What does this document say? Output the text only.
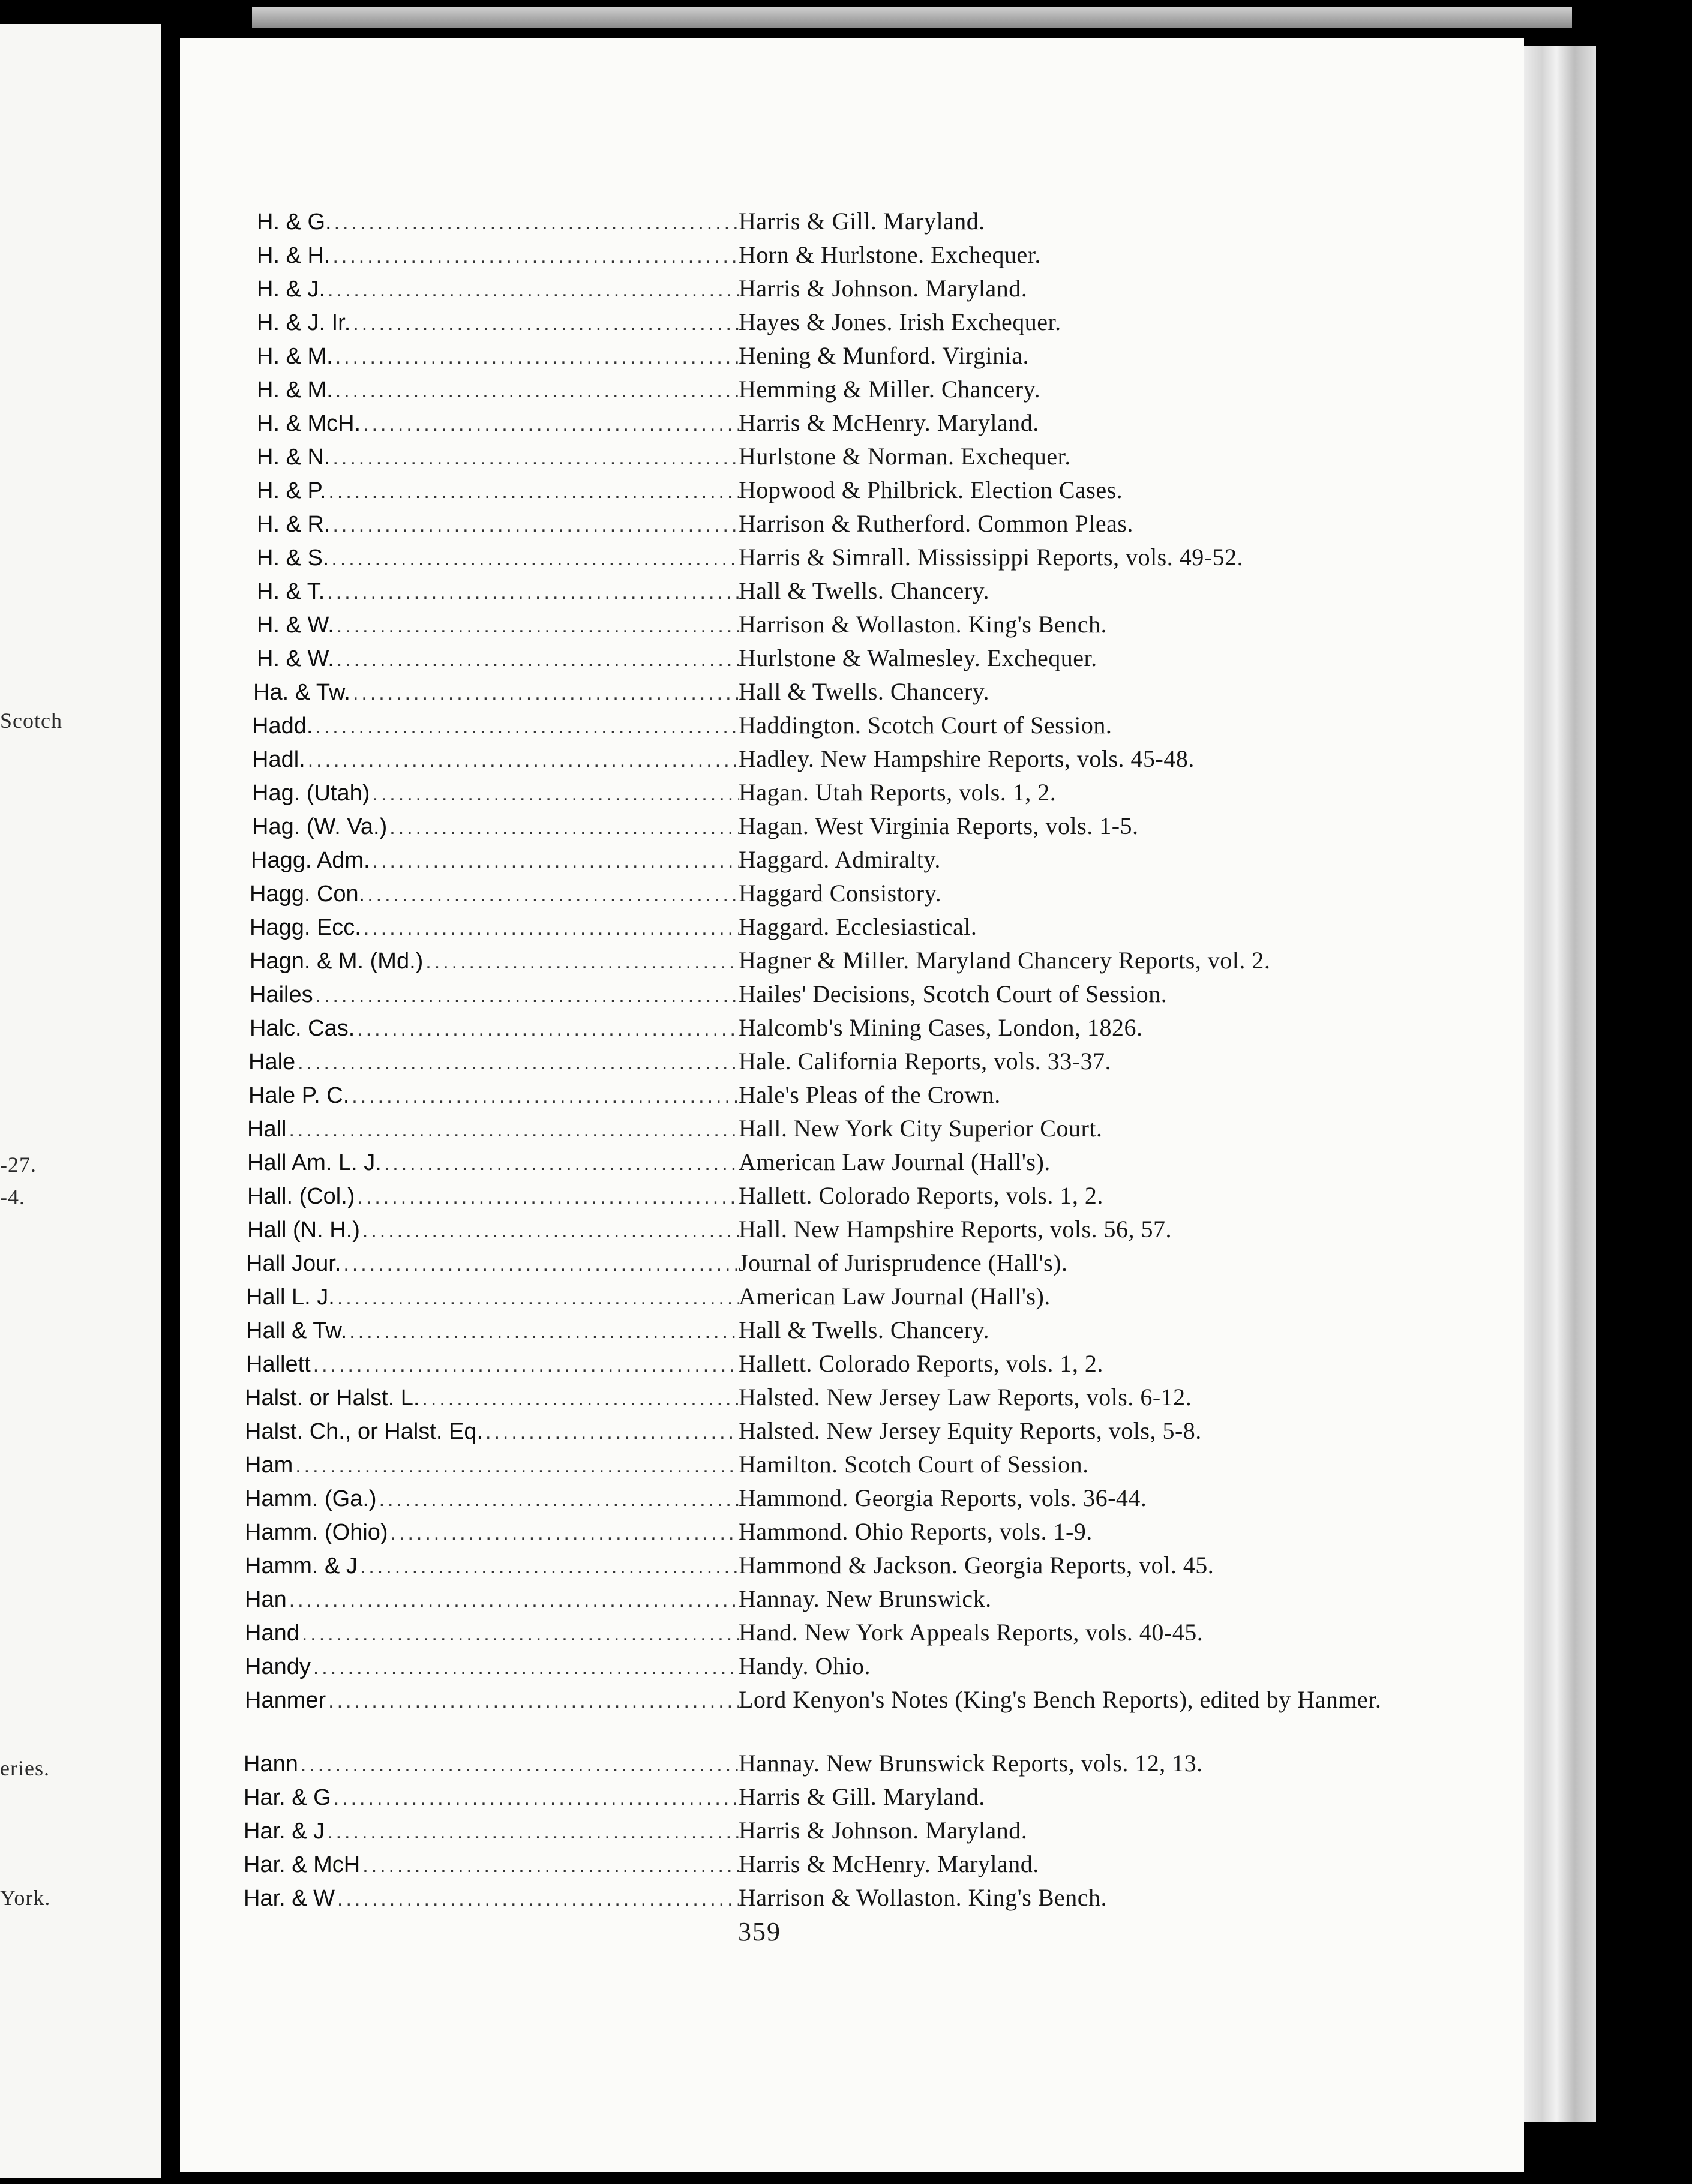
Scotch
-27.
-4.
eries.
York.
H. & G. .....	Harris & Gill. Maryland.
H. & H. .....	Horn & Hurlstone. Exchequer.
H. & J. .....	Harris & Johnson. Maryland.
H. & J. Ir. .....	Hayes & Jones. Irish Exchequer.
H. & M. .....	Hening & Munford. Virginia.
H. & M. .....	Hemming & Miller. Chancery.
H. & McH. .....	Harris & McHenry. Maryland.
H. & N. .....	Hurlstone & Norman. Exchequer.
H. & P. .....	Hopwood & Philbrick. Election Cases.
H. & R. .....	Harrison & Rutherford. Common Pleas.
H. & S. .....	Harris & Simrall. Mississippi Reports, vols. 49-52.
H. & T. .....	Hall & Twells. Chancery.
H. & W. .....	Harrison & Wollaston. King's Bench.
H. & W. .....	Hurlstone & Walmesley. Exchequer.
Ha. & Tw. .....	Hall & Twells. Chancery.
Hadd. .....	Haddington. Scotch Court of Session.
Hadl. .....	Hadley. New Hampshire Reports, vols. 45-48.
Hag. (Utah) .....	Hagan. Utah Reports, vols. 1, 2.
Hag. (W. Va.) .....	Hagan. West Virginia Reports, vols. 1-5.
Hagg. Adm. .....	Haggard. Admiralty.
Hagg. Con. .....	Haggard Consistory.
Hagg. Ecc. .....	Haggard. Ecclesiastical.
Hagn. & M. (Md.) .....	Hagner & Miller. Maryland Chancery Reports, vol. 2.
Hailes .....	Hailes' Decisions, Scotch Court of Session.
Halc. Cas. .....	Halcomb's Mining Cases, London, 1826.
Hale .....	Hale. California Reports, vols. 33-37.
Hale P. C. .....	Hale's Pleas of the Crown.
Hall .....	Hall. New York City Superior Court.
Hall Am. L. J. .....	American Law Journal (Hall's).
Hall. (Col.) .....	Hallett. Colorado Reports, vols. 1, 2.
Hall (N. H.) .....	Hall. New Hampshire Reports, vols. 56, 57.
Hall Jour. .....	Journal of Jurisprudence (Hall's).
Hall L. J. .....	American Law Journal (Hall's).
Hall & Tw. .....	Hall & Twells. Chancery.
Hallett .....	Hallett. Colorado Reports, vols. 1, 2.
Halst. or Halst. L. .....	Halsted. New Jersey Law Reports, vols. 6-12.
Halst. Ch., or Halst. Eq. .....	Halsted. New Jersey Equity Reports, vols, 5-8.
Ham .....	Hamilton. Scotch Court of Session.
Hamm. (Ga.) .....	Hammond. Georgia Reports, vols. 36-44.
Hamm. (Ohio) .....	Hammond. Ohio Reports, vols. 1-9.
Hamm. & J .....	Hammond & Jackson. Georgia Reports, vol. 45.
Han .....	Hannay. New Brunswick.
Hand .....	Hand. New York Appeals Reports, vols. 40-45.
Handy .....	Handy. Ohio.
Hanmer .....	Lord Kenyon's Notes (King's Bench Reports), edited by Hanmer.
Hann .....	Hannay. New Brunswick Reports, vols. 12, 13.
Har. & G .....	Harris & Gill. Maryland.
Har. & J .....	Harris & Johnson. Maryland.
Har. & McH .....	Harris & McHenry. Maryland.
Har. & W .....	Harrison & Wollaston. King's Bench.
359
